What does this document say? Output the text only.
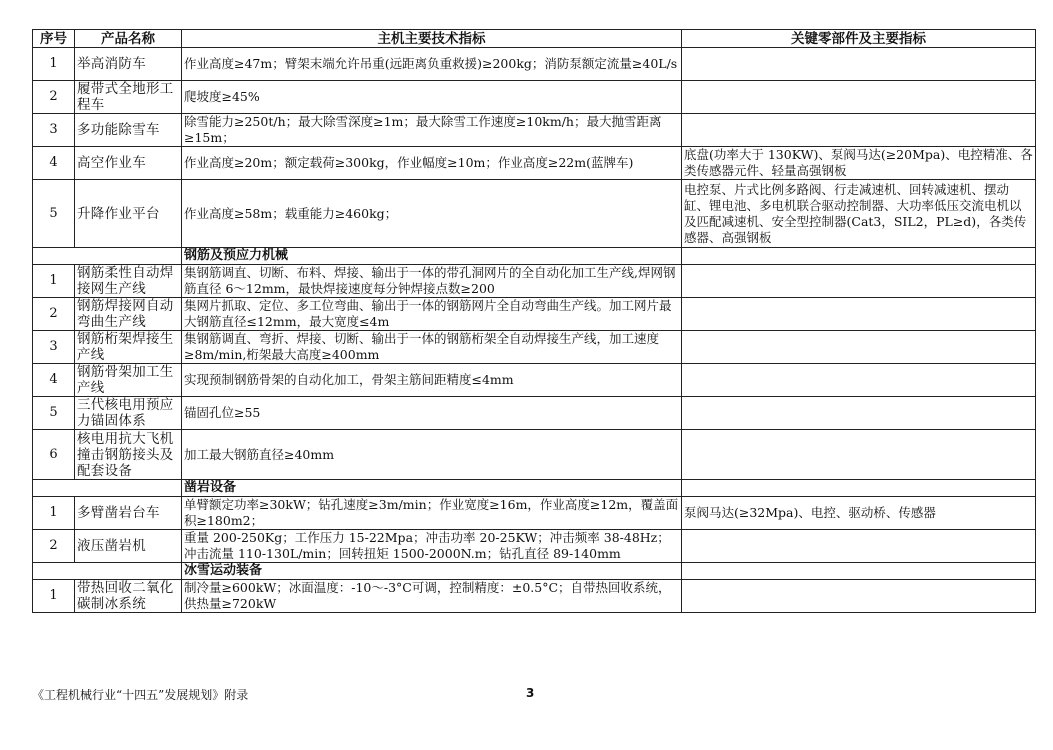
序号	产品名称	主机主要技术指标	关键零部件及主要指标
1	举高消防车	作业高度≥47m；臂架末端允许吊重(远距离负重救援)≥200kg；消防泵额定流量≥40L/s	
2	履带式全地形工程车	爬坡度≥45%	
3	多功能除雪车	除雪能力≥250t/h；最大除雪深度≥1m；最大除雪工作速度≥10km/h；最大抛雪距离≥15m；	
4	高空作业车	作业高度≥20m；额定载荷≥300kg，作业幅度≥10m；作业高度≥22m(蓝牌车)	底盘(功率大于 130KW)、泵阀马达(≥20Mpa)、电控精准、各类传感器元件、轻量高强钢板
5	升降作业平台	作业高度≥58m；载重能力≥460kg；	电控泵、片式比例多路阀、行走减速机、回转减速机、摆动缸、锂电池、多电机联合驱动控制器、大功率低压交流电机以及匹配减速机、安全型控制器(Cat3，SIL2，PL≥d)，各类传感器、高强钢板
		钢筋及预应力机械	
1	钢筋柔性自动焊接网生产线	集钢筋调直、切断、布料、焊接、输出于一体的带孔洞网片的全自动化加工生产线,焊网钢筋直径 6～12mm，最快焊接速度每分钟焊接点数≥200	
2	钢筋焊接网自动弯曲生产线	集网片抓取、定位、多工位弯曲、输出于一体的钢筋网片全自动弯曲生产线。加工网片最大钢筋直径≤12mm，最大宽度≤4m	
3	钢筋桁架焊接生产线	集钢筋调直、弯折、焊接、切断、输出于一体的钢筋桁架全自动焊接生产线，加工速度≥8m/min,桁架最大高度≥400mm	
4	钢筋骨架加工生产线	实现预制钢筋骨架的自动化加工，骨架主筋间距精度≤4mm	
5	三代核电用预应力锚固体系	锚固孔位≥55	
6	核电用抗大飞机撞击钢筋接头及配套设备	加工最大钢筋直径≥40mm	
		凿岩设备	
1	多臂凿岩台车	单臂额定功率≥30kW；钻孔速度≥3m/min；作业宽度≥16m，作业高度≥12m，覆盖面积≥180m2；	泵阀马达(≥32Mpa)、电控、驱动桥、传感器
2	液压凿岩机	重量 200-250Kg；工作压力 15-22Mpa；冲击功率 20-25KW；冲击频率 38-48Hz；冲击流量 110-130L/min；回转扭矩 1500-2000N.m；钻孔直径 89-140mm	
		冰雪运动装备	
1	带热回收二氧化碳制冰系统	制冷量≥600kW；冰面温度：-10～-3°C可调，控制精度：±0.5°C；自带热回收系统，供热量≥720kW	
《工程机械行业“十四五”发展规划》附录	3
